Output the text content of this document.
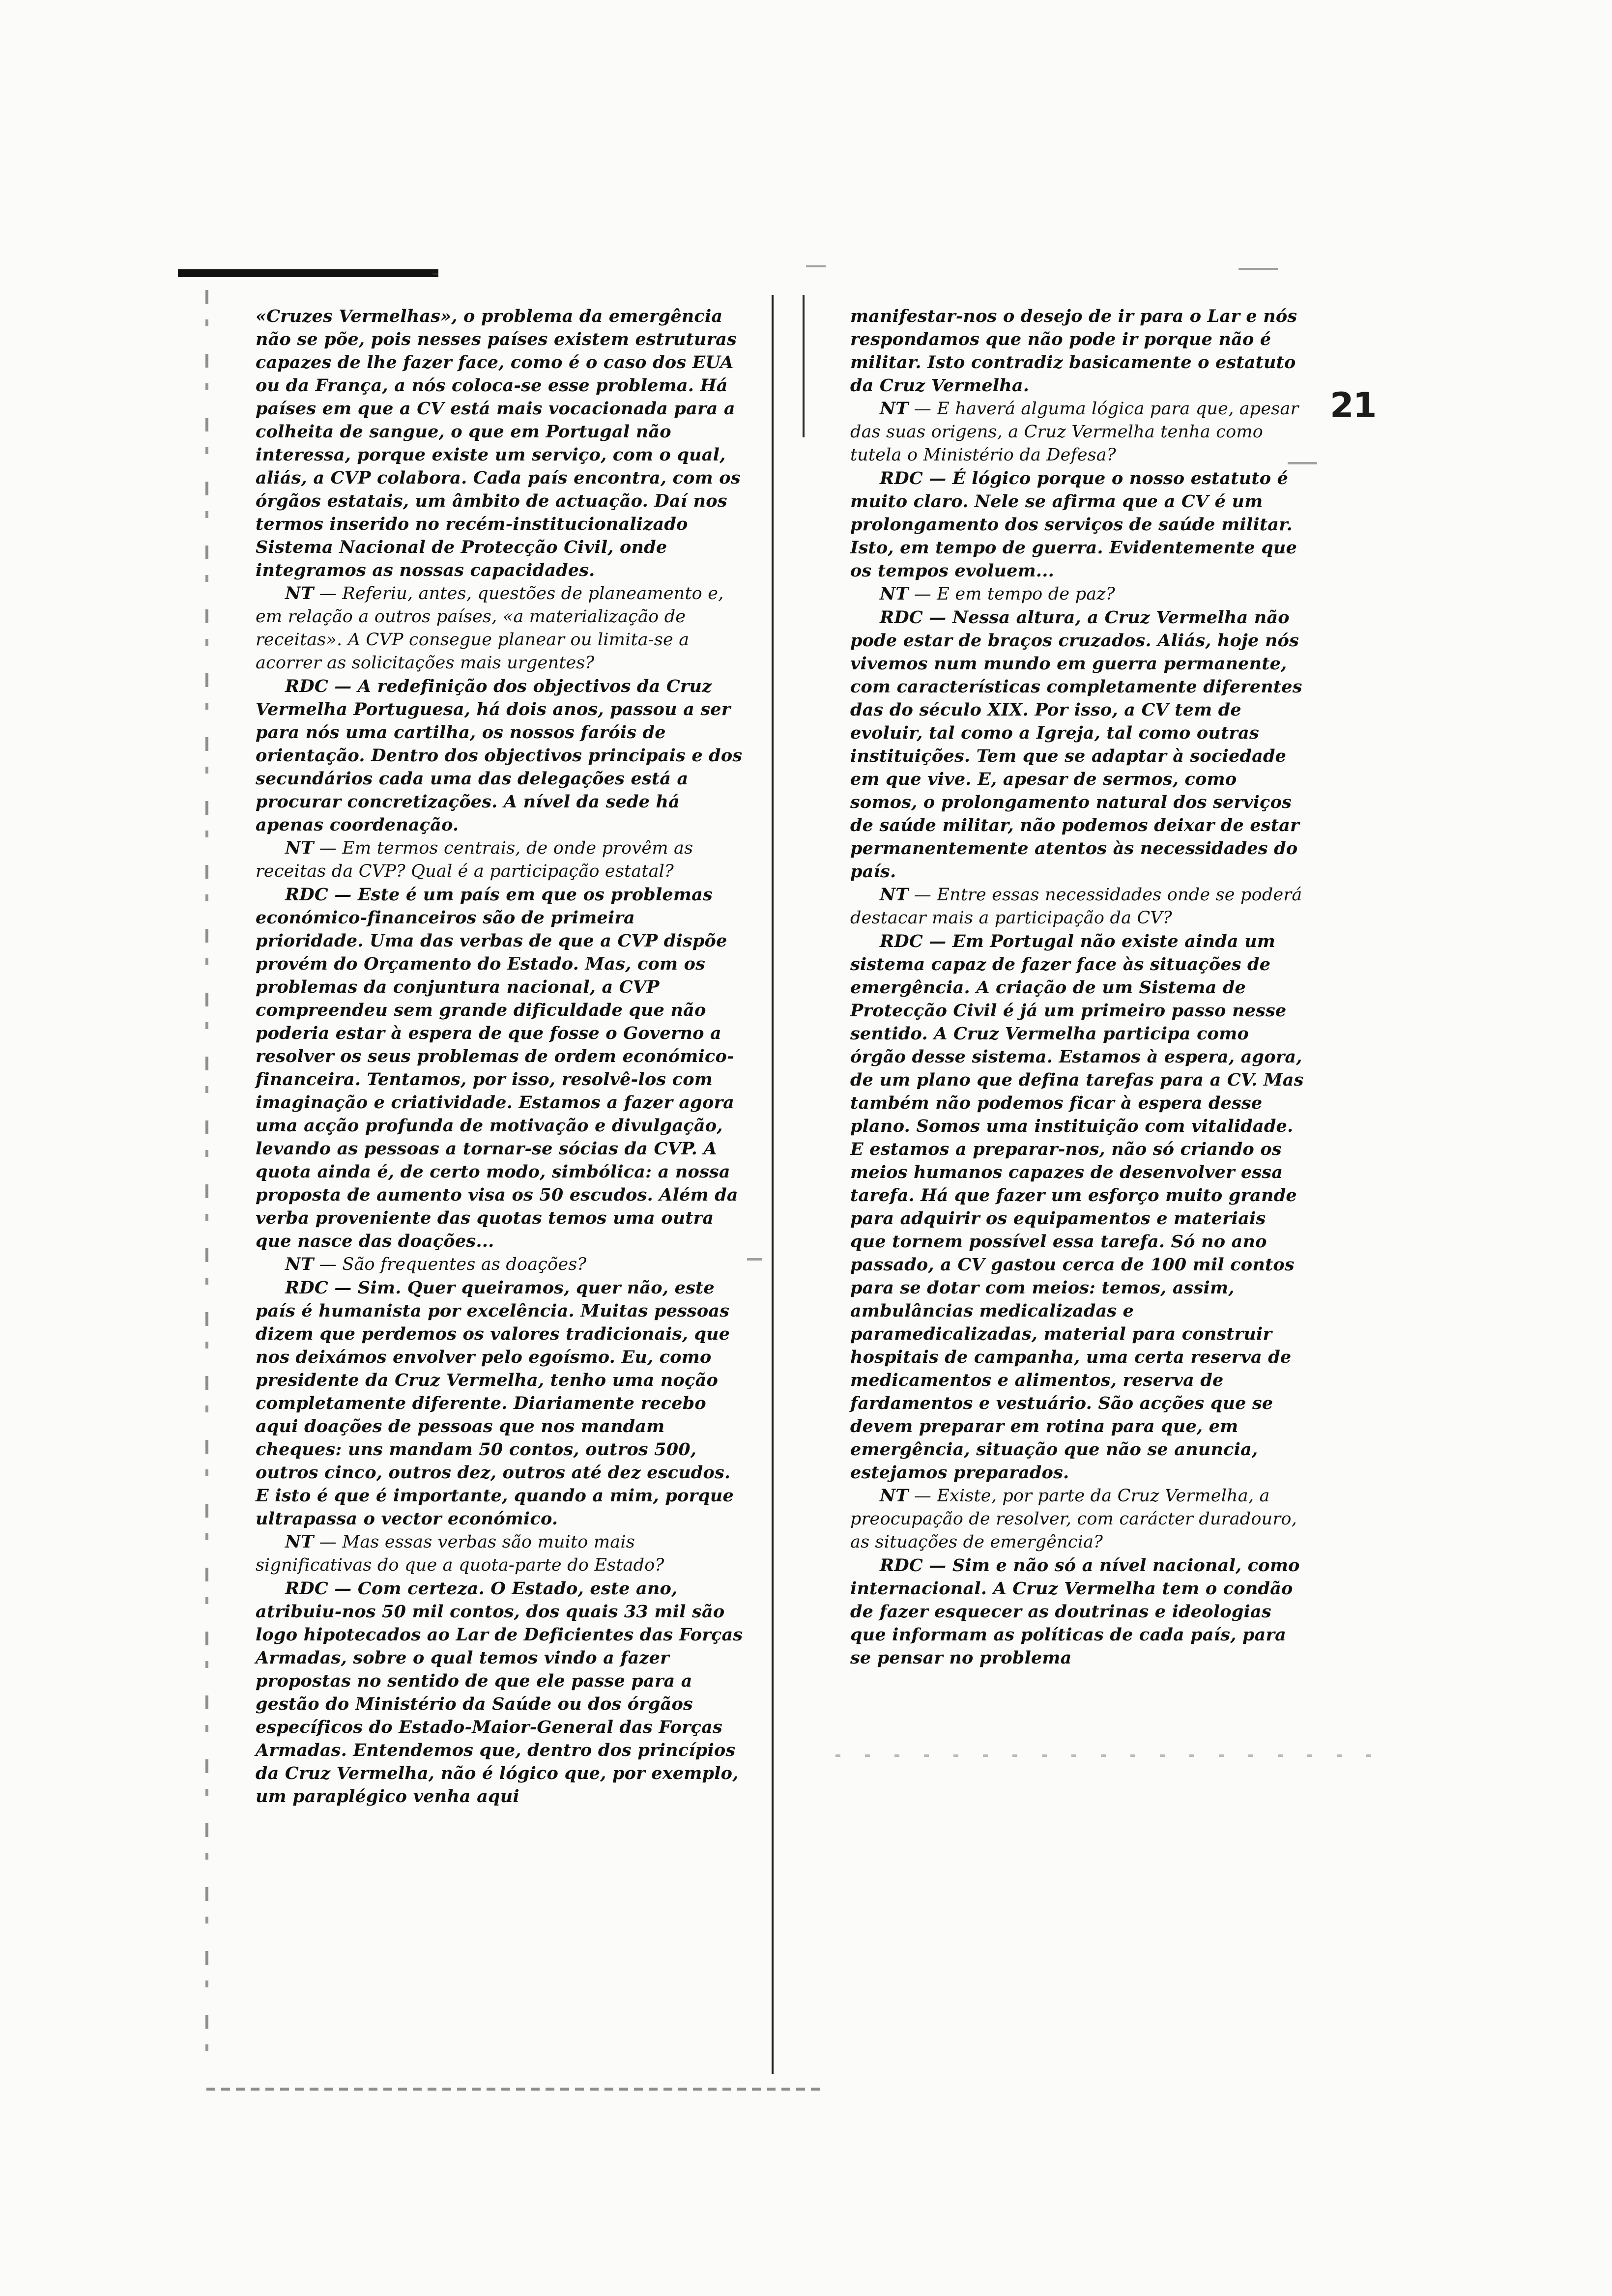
21

«Cruzes Vermelhas», o problema da emergência não se põe, pois nesses países existem estruturas capazes de lhe fazer face, como é o caso dos EUA ou da França, a nós coloca-se esse problema. Há países em que a CV está mais vocacionada para a colheita de sangue, o que em Portugal não interessa, porque existe um serviço, com o qual, aliás, a CVP colabora. Cada país encontra, com os órgãos estatais, um âmbito de actuação. Daí nos termos inserido no recém-institucionalizado Sistema Nacional de Protecção Civil, onde integramos as nossas capacidades.

NT — Referiu, antes, questões de planeamento e, em relação a outros países, «a materialização de receitas». A CVP consegue planear ou limita-se a acorrer as solicitações mais urgentes?

RDC — A redefinição dos objectivos da Cruz Vermelha Portuguesa, há dois anos, passou a ser para nós uma cartilha, os nossos faróis de orientação. Dentro dos objectivos principais e dos secundários cada uma das delegações está a procurar concretizações. A nível da sede há apenas coordenação.

NT — Em termos centrais, de onde provêm as receitas da CVP? Qual é a participação estatal?

RDC — Este é um país em que os problemas económico-financeiros são de primeira prioridade. Uma das verbas de que a CVP dispõe provém do Orçamento do Estado. Mas, com os problemas da conjuntura nacional, a CVP compreendeu sem grande dificuldade que não poderia estar à espera de que fosse o Governo a resolver os seus problemas de ordem económico-financeira. Tentamos, por isso, resolvê-los com imaginação e criatividade. Estamos a fazer agora uma acção profunda de motivação e divulgação, levando as pessoas a tornar-se sócias da CVP. A quota ainda é, de certo modo, simbólica: a nossa proposta de aumento visa os 50 escudos. Além da verba proveniente das quotas temos uma outra que nasce das doações...

NT — São frequentes as doações?

RDC — Sim. Quer queiramos, quer não, este país é humanista por excelência. Muitas pessoas dizem que perdemos os valores tradicionais, que nos deixámos envolver pelo egoísmo. Eu, como presidente da Cruz Vermelha, tenho uma noção completamente diferente. Diariamente recebo aqui doações de pessoas que nos mandam cheques: uns mandam 50 contos, outros 500, outros cinco, outros dez, outros até dez escudos. E isto é que é importante, quando a mim, porque ultrapassa o vector económico.

NT — Mas essas verbas são muito mais significativas do que a quota-parte do Estado?

RDC — Com certeza. O Estado, este ano, atribuiu-nos 50 mil contos, dos quais 33 mil são logo hipotecados ao Lar de Deficientes das Forças Armadas, sobre o qual temos vindo a fazer propostas no sentido de que ele passe para a gestão do Ministério da Saúde ou dos órgãos específicos do Estado-Maior-General das Forças Armadas. Entendemos que, dentro dos princípios da Cruz Vermelha, não é lógico que, por exemplo, um paraplégico venha aqui

manifestar-nos o desejo de ir para o Lar e nós respondamos que não pode ir porque não é militar. Isto contradiz basicamente o estatuto da Cruz Vermelha.

NT — E haverá alguma lógica para que, apesar das suas origens, a Cruz Vermelha tenha como tutela o Ministério da Defesa?

RDC — É lógico porque o nosso estatuto é muito claro. Nele se afirma que a CV é um prolongamento dos serviços de saúde militar. Isto, em tempo de guerra. Evidentemente que os tempos evoluem...

NT — E em tempo de paz?

RDC — Nessa altura, a Cruz Vermelha não pode estar de braços cruzados. Aliás, hoje nós vivemos num mundo em guerra permanente, com características completamente diferentes das do século XIX. Por isso, a CV tem de evoluir, tal como a Igreja, tal como outras instituições. Tem que se adaptar à sociedade em que vive. E, apesar de sermos, como somos, o prolongamento natural dos serviços de saúde militar, não podemos deixar de estar permanentemente atentos às necessidades do país.

NT — Entre essas necessidades onde se poderá destacar mais a participação da CV?

RDC — Em Portugal não existe ainda um sistema capaz de fazer face às situações de emergência. A criação de um Sistema de Protecção Civil é já um primeiro passo nesse sentido. A Cruz Vermelha participa como órgão desse sistema. Estamos à espera, agora, de um plano que defina tarefas para a CV. Mas também não podemos ficar à espera desse plano. Somos uma instituição com vitalidade. E estamos a preparar-nos, não só criando os meios humanos capazes de desenvolver essa tarefa. Há que fazer um esforço muito grande para adquirir os equipamentos e materiais que tornem possível essa tarefa. Só no ano passado, a CV gastou cerca de 100 mil contos para se dotar com meios: temos, assim, ambulâncias medicalizadas e paramedicalizadas, material para construir hospitais de campanha, uma certa reserva de medicamentos e alimentos, reserva de fardamentos e vestuário. São acções que se devem preparar em rotina para que, em emergência, situação que não se anuncia, estejamos preparados.

NT — Existe, por parte da Cruz Vermelha, a preocupação de resolver, com carácter duradouro, as situações de emergência?

RDC — Sim e não só a nível nacional, como internacional. A Cruz Vermelha tem o condão de fazer esquecer as doutrinas e ideologias que informam as políticas de cada país, para se pensar no problema
